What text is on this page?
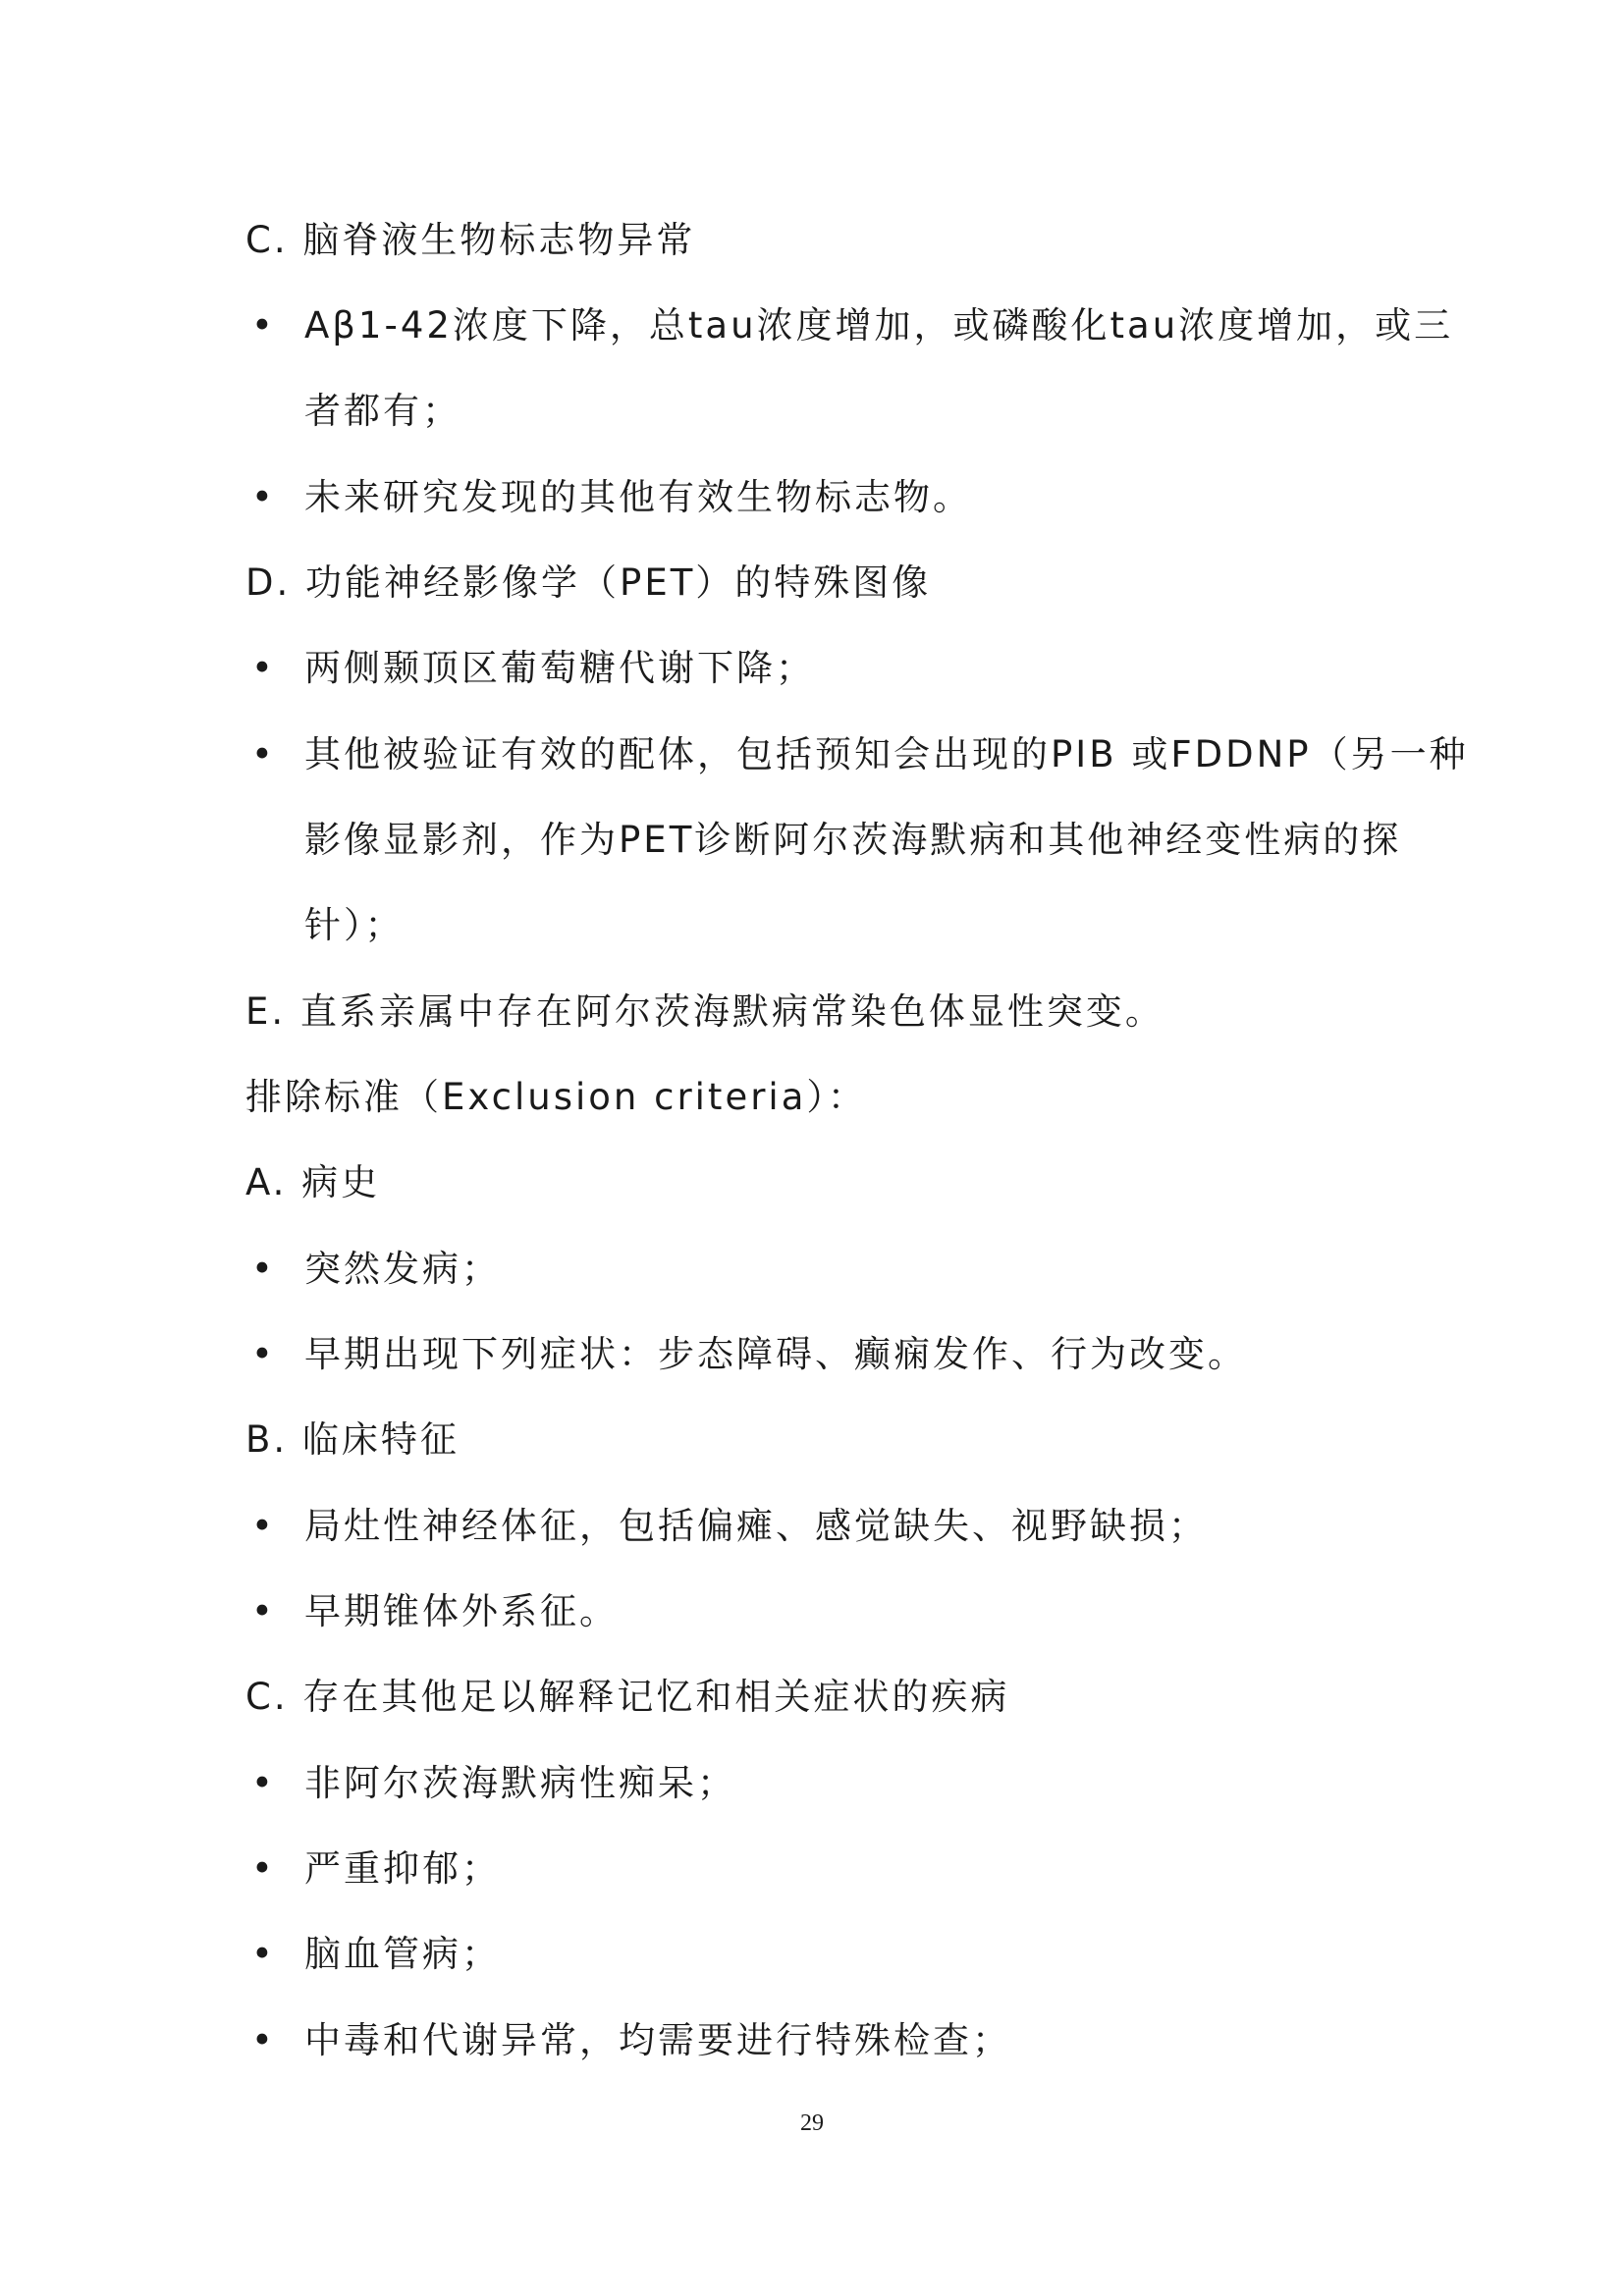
C. 脑脊液生物标志物异常
• Aβ1-42浓度下降，总tau浓度增加，或磷酸化tau浓度增加，或三
者都有；
• 未来研究发现的其他有效生物标志物。
D. 功能神经影像学（PET）的特殊图像
• 两侧颞顶区葡萄糖代谢下降；
• 其他被验证有效的配体，包括预知会出现的PIB 或FDDNP（另一种
影像显影剂，作为PET诊断阿尔茨海默病和其他神经变性病的探
针）；
E. 直系亲属中存在阿尔茨海默病常染色体显性突变。
排除标准（Exclusion criteria）：
A. 病史
• 突然发病；
• 早期出现下列症状：步态障碍、癫痫发作、行为改变。
B. 临床特征
• 局灶性神经体征，包括偏瘫、感觉缺失、视野缺损；
• 早期锥体外系征。
C. 存在其他足以解释记忆和相关症状的疾病
• 非阿尔茨海默病性痴呆；
• 严重抑郁；
• 脑血管病；
• 中毒和代谢异常，均需要进行特殊检查；
29
